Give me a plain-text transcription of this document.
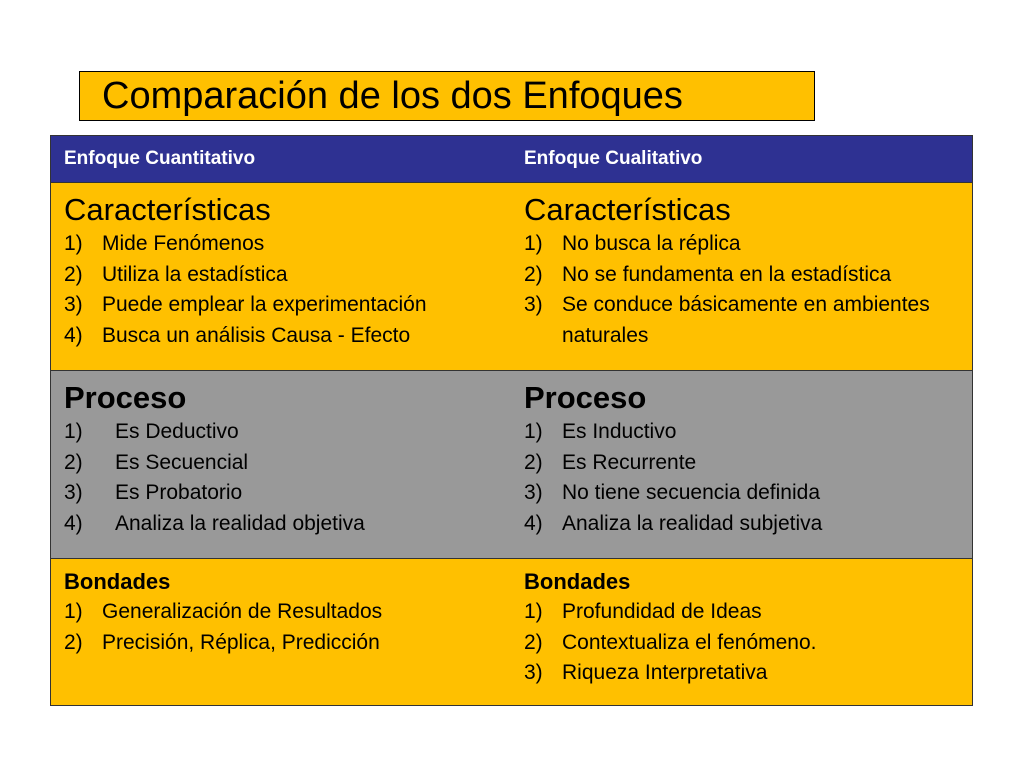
Comparación de los dos Enfoques
Enfoque Cuantitativo	Enfoque Cualitativo
Características
1) Mide Fenómenos
2) Utiliza la estadística
3) Puede emplear la experimentación
4) Busca un análisis Causa - Efecto
Características
1) No busca la réplica
2) No se fundamenta en la estadística
3) Se conduce básicamente en ambientes naturales
Proceso
1)	Es Deductivo
2)	Es Secuencial
3)	Es Probatorio
4)	Analiza la realidad objetiva
Proceso
1) Es Inductivo
2) Es Recurrente
3) No tiene secuencia definida
4) Analiza la realidad subjetiva
Bondades
1) Generalización de Resultados
2) Precisión, Réplica, Predicción
Bondades
1) Profundidad de Ideas
2) Contextualiza el fenómeno.
3) Riqueza Interpretativa
